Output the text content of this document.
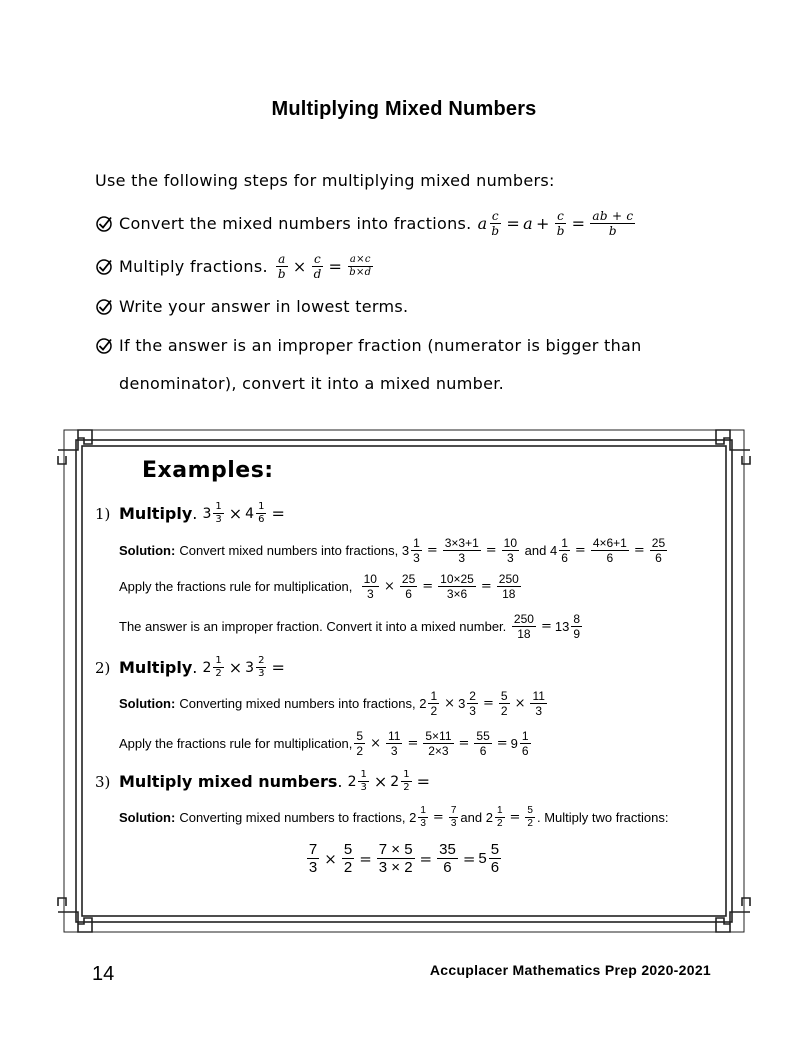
Multiplying Mixed Numbers
Use the following steps for multiplying mixed numbers:
Convert the mixed numbers into fractions. a $\frac{c}{b} = a + \frac{c}{b} = \frac{ab + c}{b}$
Multiply fractions. $\frac{a}{b} \times \frac{c}{d} = \frac{a\times c}{b\times d}$
Write your answer in lowest terms.
If the answer is an improper fraction (numerator is bigger than
denominator), convert it into a mixed number.
Examples:
1) Multiply . $3 \frac{1}{3} \times 4 \frac{1}{6}$ =
Solution: Convert mixed numbers into fractions,
$3 \frac{1}{3} = \frac{3\times 3+1}{3} = \frac{10}{3}$
and
$4 \frac{1}{6} = \frac{4\times 6+1}{6} = \frac{25}{6}$
Apply the fractions rule for multiplication,
$\frac{10}{3} \times \frac{25}{6} = \frac{10\times 25}{3\times 6} = \frac{250}{18}$
The answer is an improper fraction. Convert it into a mixed number.
$\frac{250}{18} = 13 \frac{8}{9}$
2) Multiply . $2 \frac{1}{2} \times 3 \frac{2}{3}$ =
Solution: Converting mixed numbers into fractions,
$2 \frac{1}{2} \times 3 \frac{2}{3} = \frac{5}{2} \times \frac{11}{3}$
Apply the fractions rule for multiplication, $\frac{5}{2} \times \frac{11}{3} = \frac{5\times 11}{2\times 3} = \frac{55}{6} = 9 \frac{1}{6}$
3) Multiply mixed numbers . $2 \frac{1}{3} \times 2 \frac{1}{2}$ =
Solution: Converting mixed numbers to fractions,
$2 \frac{1}{3} = \frac{7}{3}$ and
$2 \frac{1}{2} = \frac{5}{2}$ . Multiply two fractions:
$\frac{7}{3} \times \frac{5}{2} = \frac{7 \times 5}{3 \times 2} = \frac{35}{6} = 5 \frac{5}{6}$
14	Accuplacer Mathematics Prep 2020-2021
